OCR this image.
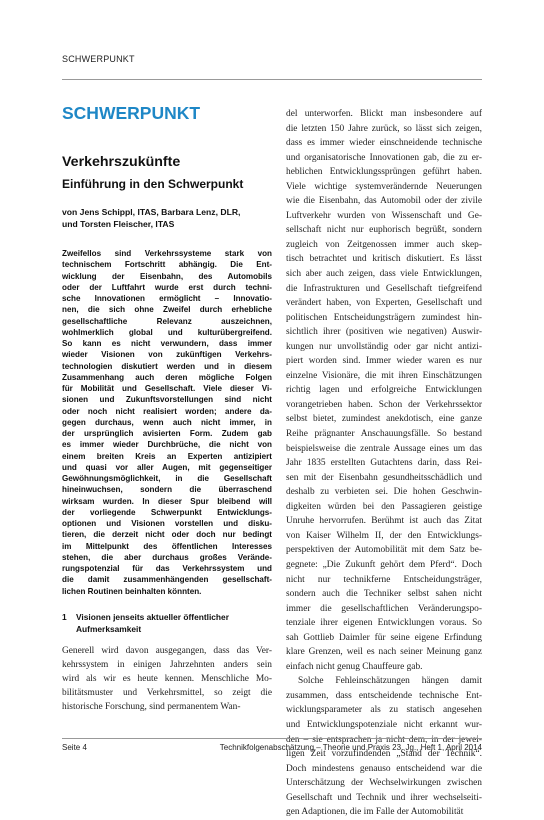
SCHWERPUNKT
SCHWERPUNKT
Verkehrszukünfte
Einführung in den Schwerpunkt
von Jens Schippl, ITAS, Barbara Lenz, DLR,
und Torsten Fleischer, ITAS
Zweifellos sind Verkehrssysteme stark von
technischem Fortschritt abhängig. Die Ent-
wicklung der Eisenbahn, des Automobils
oder der Luftfahrt wurde erst durch techni-
sche Innovationen ermöglicht – Innovatio-
nen, die sich ohne Zweifel durch erhebliche
gesellschaftliche Relevanz auszeichnen,
wohlmerklich global und kulturübergreifend.
So kann es nicht verwundern, dass immer
wieder Visionen von zukünftigen Verkehrs-
technologien diskutiert werden und in diesem
Zusammenhang auch deren mögliche Folgen
für Mobilität und Gesellschaft. Viele dieser Vi-
sionen und Zukunftsvorstellungen sind nicht
oder noch nicht realisiert worden; andere da-
gegen durchaus, wenn auch nicht immer, in
der ursprünglich avisierten Form. Zudem gab
es immer wieder Durchbrüche, die nicht von
einem breiten Kreis an Experten antizipiert
und quasi vor aller Augen, mit gegenseitiger
Gewöhnungsmöglichkeit, in die Gesellschaft
hineinwuchsen, sondern die überraschend
wirksam wurden. In dieser Spur bleibend will
der vorliegende Schwerpunkt Entwicklungs-
optionen und Visionen vorstellen und disku-
tieren, die derzeit nicht oder doch nur bedingt
im Mittelpunkt des öffentlichen Interesses
stehen, die aber durchaus großes Verände-
rungspotenzial für das Verkehrssystem und
die damit zusammenhängenden gesellschaft-
lichen Routinen beinhalten könnten.
1 Visionen jenseits aktueller öffentlicher
Aufmerksamkeit
Generell wird davon ausgegangen, dass das Ver-
kehrssystem in einigen Jahrzehnten anders sein
wird als wir es heute kennen. Menschliche Mo-
bilitätsmuster und Verkehrsmittel, so zeigt die
historische Forschung, sind permanentem Wan-
del unterworfen. Blickt man insbesondere auf
die letzten 150 Jahre zurück, so lässt sich zeigen,
dass es immer wieder einschneidende technische
und organisatorische Innovationen gab, die zu er-
heblichen Entwicklungssprüngen geführt haben.
Viele wichtige systemverändernde Neuerungen
wie die Eisenbahn, das Automobil oder der zivile
Luftverkehr wurden von Wissenschaft und Ge-
sellschaft nicht nur euphorisch begrüßt, sondern
zugleich von Zeitgenossen immer auch skep-
tisch betrachtet und kritisch diskutiert. Es lässt
sich aber auch zeigen, dass viele Entwicklungen,
die Infrastrukturen und Gesellschaft tiefgreifend
verändert haben, von Experten, Gesellschaft und
politischen Entscheidungsträgern zumindest hin-
sichtlich ihrer (positiven wie negativen) Auswir-
kungen nur unvollständig oder gar nicht antizi-
piert worden sind. Immer wieder waren es nur
einzelne Visionäre, die mit ihren Einschätzungen
richtig lagen und erfolgreiche Entwicklungen
vorangetrieben haben. Schon der Verkehrssektor
selbst bietet, zumindest anekdotisch, eine ganze
Reihe prägnanter Anschauungsfälle. So bestand
beispielsweise die zentrale Aussage eines um das
Jahr 1835 erstellten Gutachtens darin, dass Rei-
sen mit der Eisenbahn gesundheitsschädlich und
deshalb zu verbieten sei. Die hohen Geschwin-
digkeiten würden bei den Passagieren geistige
Unruhe hervorrufen. Berühmt ist auch das Zitat
von Kaiser Wilhelm II, der den Entwicklungs-
perspektiven der Automobilität mit dem Satz be-
gegnete: „Die Zukunft gehört dem Pferd“. Doch
nicht nur technikferne Entscheidungsträger,
sondern auch die Techniker selbst sahen nicht
immer die gesellschaftlichen Veränderungspo-
tenziale ihrer eigenen Entwicklungen voraus. So
sah Gottlieb Daimler für seine eigene Erfindung
klare Grenzen, weil es nach seiner Meinung ganz
einfach nicht genug Chauffeure gab.
Solche Fehleinschätzungen hängen damit
zusammen, dass entscheidende technische Ent-
wicklungsparameter als zu statisch angesehen
und Entwicklungspotenziale nicht erkannt wur-
den – sie entsprachen ja nicht dem, in der jewei-
ligen Zeit vorzufindenden „Stand der Technik“.
Doch mindestens genauso entscheidend war die
Unterschätzung der Wechselwirkungen zwischen
Gesellschaft und Technik und ihrer wechselseiti-
gen Adaptionen, die im Falle der Automobilität
Seite 4	Technikfolgenabschätzung – Theorie und Praxis 23. Jg., Heft 1, April 2014
